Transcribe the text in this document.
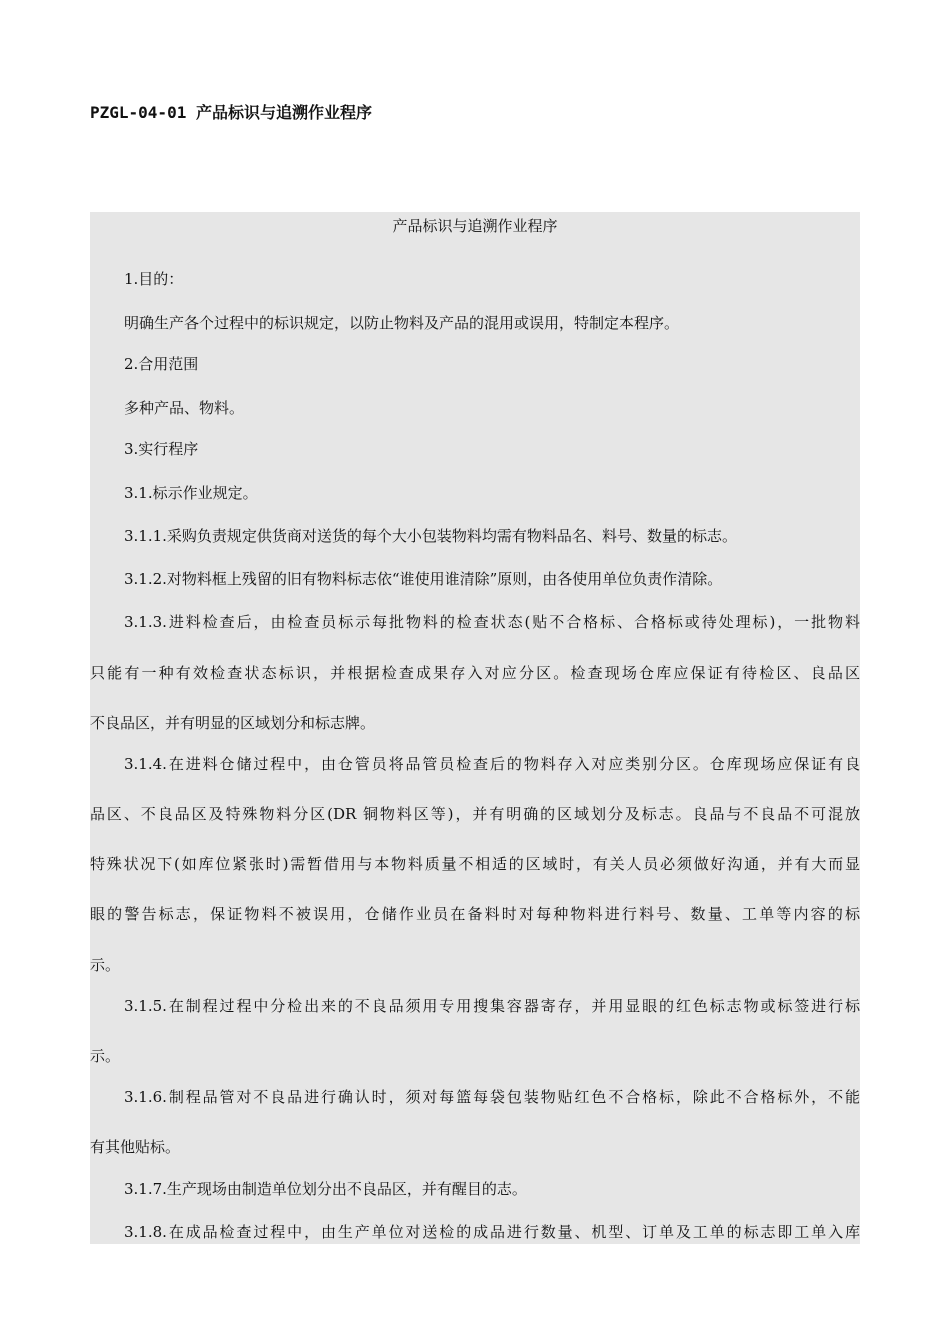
PZGL-04-01 产品标识与追溯作业程序
产品标识与追溯作业程序
1.目的：
明确生产各个过程中的标识规定，以防止物料及产品的混用或误用，特制定本程序。
2.合用范围
多种产品、物料。
3.实行程序
3.1.标示作业规定。
3.1.1.采购负责规定供货商对送货的每个大小包装物料均需有物料品名、料号、数量的标志。
3.1.2.对物料框上残留的旧有物料标志依“谁使用谁清除”原则，由各使用单位负责作清除。
3.1.3.进料检查后，由检查员标示每批物料的检查状态(贴不合格标、合格标或待处理标)，一批物料
只能有一种有效检查状态标识，并根据检查成果存入对应分区。检查现场仓库应保证有待检区、良品区
不良品区，并有明显的区域划分和标志牌。
3.1.4.在进料仓储过程中，由仓管员将品管员检查后的物料存入对应类别分区。仓库现场应保证有良
品区、不良品区及特殊物料分区(DR 铜物料区等)，并有明确的区域划分及标志。良品与不良品不可混放
特殊状况下(如库位紧张时)需暂借用与本物料质量不相适的区域时，有关人员必须做好沟通，并有大而显
眼的警告标志，保证物料不被误用，仓储作业员在备料时对每种物料进行料号、数量、工单等内容的标
示。
3.1.5.在制程过程中分检出来的不良品须用专用搜集容器寄存，并用显眼的红色标志物或标签进行标
示。
3.1.6.制程品管对不良品进行确认时，须对每篮每袋包装物贴红色不合格标，除此不合格标外，不能
有其他贴标。
3.1.7.生产现场由制造单位划分出不良品区，并有醒目的志。
3.1.8.在成品检查过程中，由生产单位对送检的成品进行数量、机型、订单及工单的标志即工单入库
